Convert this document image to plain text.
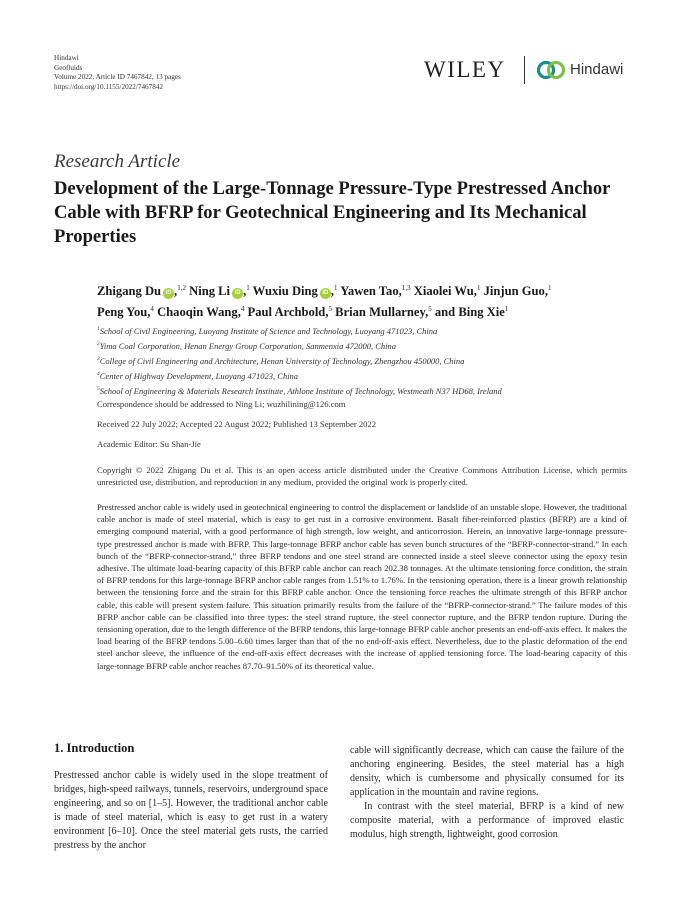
Hindawi
Geofluids
Volume 2022, Article ID 7467842, 13 pages
https://doi.org/10.1155/2022/7467842
WILEY	Hindawi
Research Article
Development of the Large-Tonnage Pressure-Type Prestressed Anchor Cable with BFRP for Geotechnical Engineering and Its Mechanical Properties
Zhigang Du iD ,$^{1,2}$ Ning Li iD ,$^1$ Wuxiu Ding iD ,$^1$ Yawen Tao,$^{1,3}$ Xiaolei Wu,$^1$ Jinjun Guo,$^1$
Peng You,$^4$ Chaoqin Wang,$^4$ Paul Archbold,$^5$ Brian Mullarney,$^5$ and Bing Xie$^1$
$^1$School of Civil Engineering, Luoyang Institute of Science and Technology, Luoyang 471023, China
$^2$Yima Coal Corporation, Henan Energy Group Corporation, Sanmenxia 472000, China
$^3$College of Civil Engineering and Architecture, Henan University of Technology, Zhengzhou 450000, China
$^4$Center of Highway Development, Luoyang 471023, China
$^5$School of Engineering & Materials Research Institute, Athlone Institute of Technology, Westmeath N37 HD68, Ireland
Correspondence should be addressed to Ning Li; wuzhilining@126.com
Received 22 July 2022; Accepted 22 August 2022; Published 13 September 2022
Academic Editor: Su Shan-Jie
Copyright © 2022 Zhigang Du et al. This is an open access article distributed under the Creative Commons Attribution License, which permits unrestricted use, distribution, and reproduction in any medium, provided the original work is properly cited.
Prestressed anchor cable is widely used in geotechnical engineering to control the displacement or landslide of an unstable slope. However, the traditional cable anchor is made of steel material, which is easy to get rust in a corrosive environment. Basalt fiber-reinforced plastics (BFRP) are a kind of emerging compound material, with a good performance of high strength, low weight, and anticorrosion. Herein, an innovative large-tonnage pressure-type prestressed anchor is made with BFRP. This large-tonnage BFRP anchor cable has seven bunch structures of the “BFRP-connector-strand.” In each bunch of the “BFRP-connector-strand,” three BFRP tendons and one steel strand are connected inside a steel sleeve connector using the epoxy resin adhesive. The ultimate load-bearing capacity of this BFRP cable anchor can reach 202.38 tonnages. At the ultimate tensioning force condition, the strain of BFRP tendons for this large-tonnage BFRP anchor cable ranges from 1.51% to 1.76%. In the tensioning operation, there is a linear growth relationship between the tensioning force and the strain for this BFRP cable anchor. Once the tensioning force reaches the ultimate strength of this BFRP anchor cable, this cable will present system failure. This situation primarily results from the failure of the “BFRP-connector-strand.” The failure modes of this BFRP anchor cable can be classified into three types: the steel strand rupture, the steel connector rupture, and the BFRP tendon rupture. During the tensioning operation, due to the length difference of the BFRP tendons, this large-tonnage BFRP cable anchor presents an end-off-axis effect. It makes the load bearing of the BFRP tendons 5.00–6.60 times larger than that of the no end-off-axis effect. Nevertheless, due to the plastic deformation of the end steel anchor sleeve, the influence of the end-off-axis effect decreases with the increase of applied tensioning force. The load-bearing capacity of this large-tonnage BFRP cable anchor reaches 87.70–91.50% of its theoretical value.
1. Introduction

Prestressed anchor cable is widely used in the slope treatment of bridges, high-speed railways, tunnels, reservoirs, underground space engineering, and so on [1–5]. However, the traditional anchor cable is made of steel material, which is easy to get rust in a watery environment [6–10]. Once the steel material gets rusts, the carried prestress by the anchor

cable will significantly decrease, which can cause the failure of the anchoring engineering. Besides, the steel material has a high density, which is cumbersome and physically consumed for its application in the mountain and ravine regions.

In contrast with the steel material, BFRP is a kind of new composite material, with a performance of improved elastic modulus, high strength, lightweight, good corrosion
